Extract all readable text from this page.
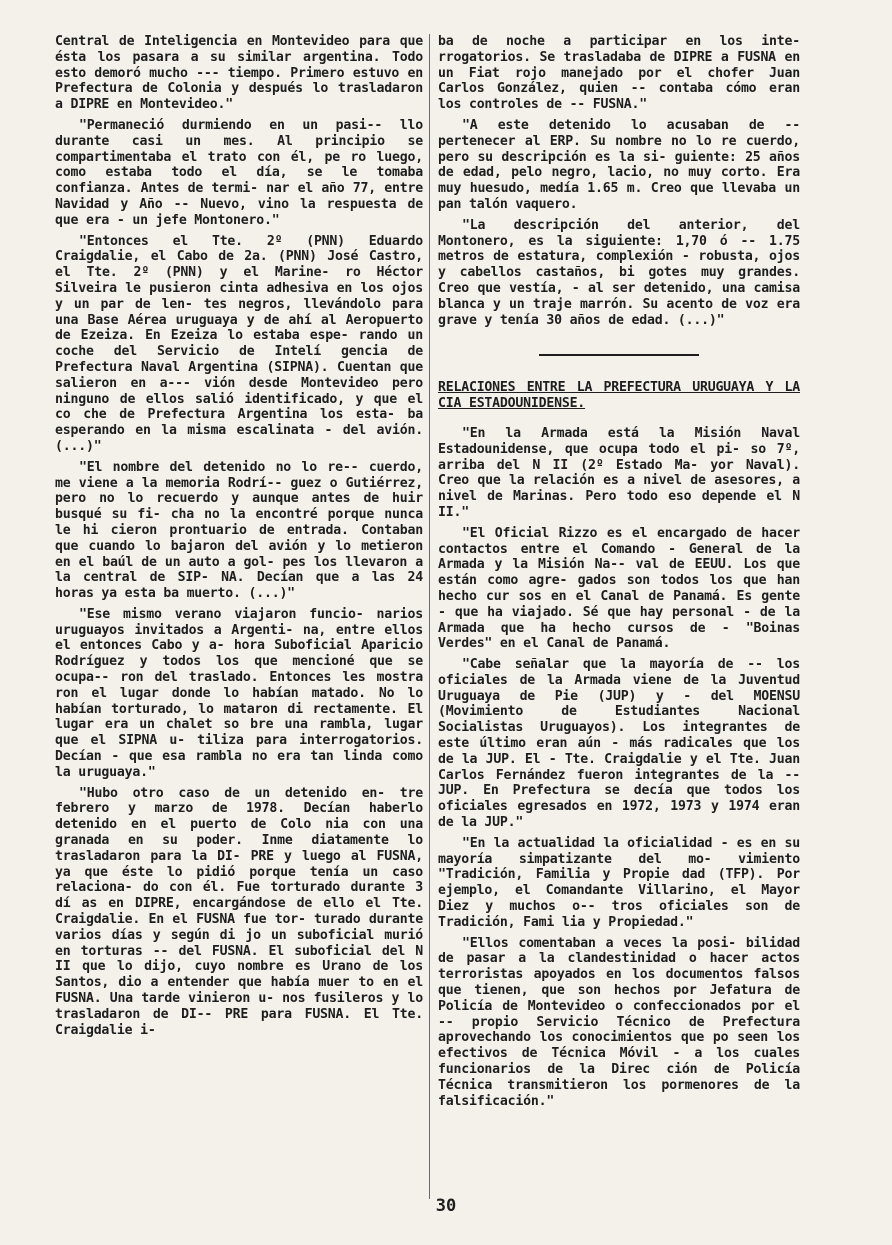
Central de Inteligencia en Montevideo para que ésta los pasara a su similar argentina. Todo esto demoró mucho --- tiempo. Primero estuvo en Prefectura de Colonia y después lo trasladaron a DIPRE en Montevideo."

"Permaneció durmiendo en un pasi-- llo durante casi un mes. Al principio se compartimentaba el trato con él, pe ro luego, como estaba todo el día, se le tomaba confianza. Antes de termi- nar el año 77, entre Navidad y Año -- Nuevo, vino la respuesta de que era - un jefe Montonero."

"Entonces el Tte. 2º (PNN) Eduardo Craigdalie, el Cabo de 2a. (PNN) José Castro, el Tte. 2º (PNN) y el Marine- ro Héctor Silveira le pusieron cinta adhesiva en los ojos y un par de len- tes negros, llevándolo para una Base Aérea uruguaya y de ahí al Aeropuerto de Ezeiza. En Ezeiza lo estaba espe- rando un coche del Servicio de Intelí gencia de Prefectura Naval Argentina (SIPNA). Cuentan que salieron en a--- vión desde Montevideo pero ninguno de ellos salió identificado, y que el co che de Prefectura Argentina los esta- ba esperando en la misma escalinata - del avión. (...)"

"El nombre del detenido no lo re-- cuerdo, me viene a la memoria Rodrí-- guez o Gutiérrez, pero no lo recuerdo y aunque antes de huir busqué su fi- cha no la encontré porque nunca le hi cieron prontuario de entrada. Contaban que cuando lo bajaron del avión y lo metieron en el baúl de un auto a gol- pes los llevaron a la central de SIP- NA. Decían que a las 24 horas ya esta ba muerto. (...)"

"Ese mismo verano viajaron funcio- narios uruguayos invitados a Argenti- na, entre ellos el entonces Cabo y a- hora Suboficial Aparicio Rodríguez y todos los que mencioné que se ocupa-- ron del traslado. Entonces les mostra ron el lugar donde lo habían matado. No lo habían torturado, lo mataron di rectamente. El lugar era un chalet so bre una rambla, lugar que el SIPNA u- tiliza para interrogatorios. Decían - que esa rambla no era tan linda como la uruguaya."

"Hubo otro caso de un detenido en- tre febrero y marzo de 1978. Decían haberlo detenido en el puerto de Colo nia con una granada en su poder. Inme diatamente lo trasladaron para la DI- PRE y luego al FUSNA, ya que éste lo pidió porque tenía un caso relaciona- do con él. Fue torturado durante 3 dí as en DIPRE, encargándose de ello el Tte. Craigdalie. En el FUSNA fue tor- turado durante varios días y según di jo un suboficial murió en torturas -- del FUSNA. El suboficial del N II que lo dijo, cuyo nombre es Urano de los Santos, dio a entender que había muer to en el FUSNA. Una tarde vinieron u- nos fusileros y lo trasladaron de DI-- PRE para FUSNA. El Tte. Craigdalie i-

ba de noche a participar en los inte- rrogatorios. Se trasladaba de DIPRE a FUSNA en un Fiat rojo manejado por el chofer Juan Carlos González, quien -- contaba cómo eran los controles de -- FUSNA."

"A este detenido lo acusaban de -- pertenecer al ERP. Su nombre no lo re cuerdo, pero su descripción es la si- guiente: 25 años de edad, pelo negro, lacio, no muy corto. Era muy huesudo, medía 1.65 m. Creo que llevaba un pan talón vaquero.

"La descripción del anterior, del Montonero, es la siguiente: 1,70 ó -- 1.75 metros de estatura, complexión - robusta, ojos y cabellos castaños, bi gotes muy grandes. Creo que vestía, - al ser detenido, una camisa blanca y un traje marrón. Su acento de voz era grave y tenía 30 años de edad. (...)"

RELACIONES ENTRE LA PREFECTURA URUGUAYA Y LA CIA ESTADOUNIDENSE.

"En la Armada está la Misión Naval Estadounidense, que ocupa todo el pi- so 7º, arriba del N II (2º Estado Ma- yor Naval). Creo que la relación es a nivel de asesores, a nivel de Marinas. Pero todo eso depende el N II."

"El Oficial Rizzo es el encargado de hacer contactos entre el Comando - General de la Armada y la Misión Na-- val de EEUU. Los que están como agre- gados son todos los que han hecho cur sos en el Canal de Panamá. Es gente - que ha viajado. Sé que hay personal - de la Armada que ha hecho cursos de - "Boinas Verdes" en el Canal de Panamá.

"Cabe señalar que la mayoría de -- los oficiales de la Armada viene de la Juventud Uruguaya de Pie (JUP) y - del MOENSU (Movimiento de Estudiantes Nacional Socialistas Uruguayos). Los integrantes de este último eran aún - más radicales que los de la JUP. El - Tte. Craigdalie y el Tte. Juan Carlos Fernández fueron integrantes de la -- JUP. En Prefectura se decía que todos los oficiales egresados en 1972, 1973 y 1974 eran de la JUP."

"En la actualidad la oficialidad - es en su mayoría simpatizante del mo- vimiento "Tradición, Familia y Propie dad (TFP). Por ejemplo, el Comandante Villarino, el Mayor Diez y muchos o-- tros oficiales son de Tradición, Fami lia y Propiedad."

"Ellos comentaban a veces la posi- bilidad de pasar a la clandestinidad o hacer actos terroristas apoyados en los documentos falsos que tienen, que son hechos por Jefatura de Policía de Montevideo o confeccionados por el -- propio Servicio Técnico de Prefectura aprovechando los conocimientos que po seen los efectivos de Técnica Móvil - a los cuales funcionarios de la Direc ción de Policía Técnica transmitieron los pormenores de la falsificación."

30
